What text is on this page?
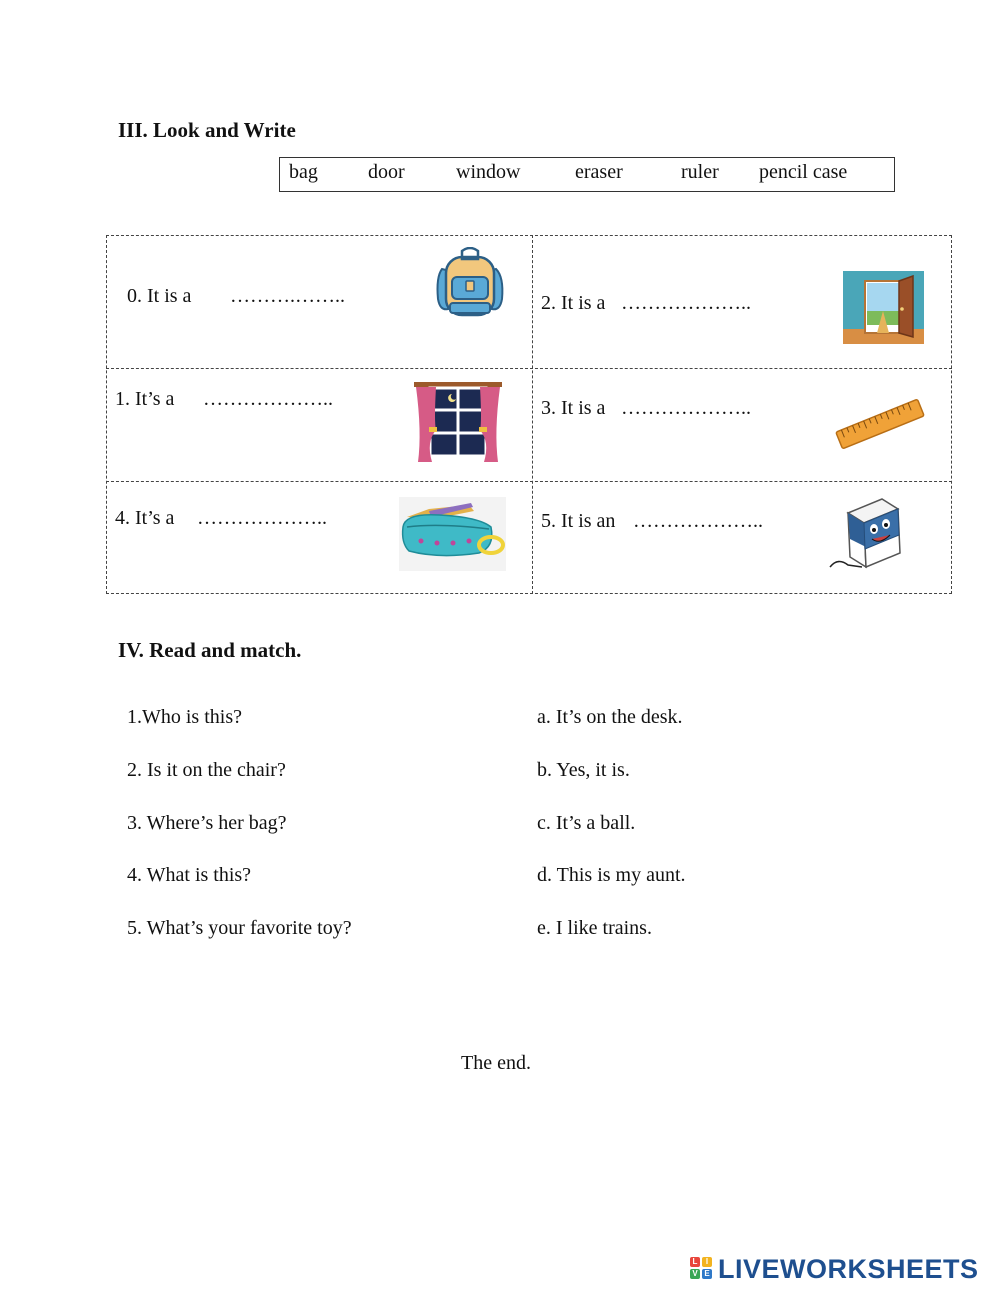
III. Look and Write
bag	door	window	eraser	ruler pencil case
0. It is a ……….……..	2. It is a ………………..
1. It’s a ………………..	3. It is a ………………..
4. It’s a ………………..	5. It is an ………………..
IV. Read and match.
1.Who is this?
2. Is it on the chair?
3. Where’s her bag?
4. What is this?
5. What’s your favorite toy?
a. It’s on the desk.
b. Yes, it is.
c. It’s a ball.
d. This is my aunt.
e. I like trains.
The end.
L	I
V E LIVEWORKSHEETS
